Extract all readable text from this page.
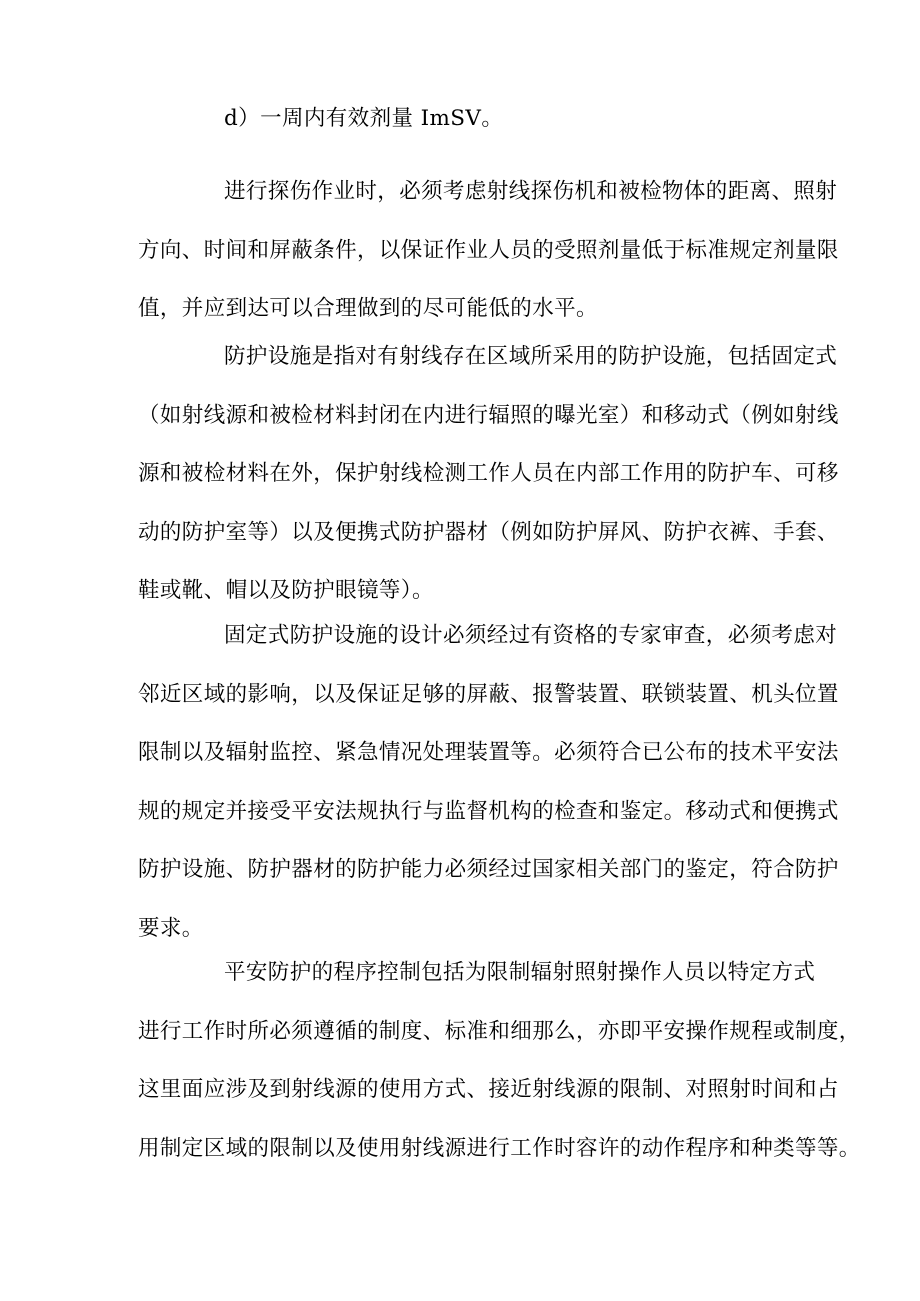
d）一周内有效剂量 ImSV。

进行探伤作业时，必须考虑射线探伤机和被检物体的距离、照射
方向、时间和屏蔽条件，以保证作业人员的受照剂量低于标准规定剂量限
值，并应到达可以合理做到的尽可能低的水平。

防护设施是指对有射线存在区域所采用的防护设施，包括固定式
（如射线源和被检材料封闭在内进行辐照的曝光室）和移动式（例如射线
源和被检材料在外，保护射线检测工作人员在内部工作用的防护车、可移
动的防护室等）以及便携式防护器材（例如防护屏风、防护衣裤、手套、
鞋或靴、帽以及防护眼镜等）。

固定式防护设施的设计必须经过有资格的专家审查，必须考虑对
邻近区域的影响，以及保证足够的屏蔽、报警装置、联锁装置、机头位置
限制以及辐射监控、紧急情况处理装置等。必须符合已公布的技术平安法
规的规定并接受平安法规执行与监督机构的检查和鉴定。移动式和便携式
防护设施、防护器材的防护能力必须经过国家相关部门的鉴定，符合防护
要求。

平安防护的程序控制包括为限制辐射照射操作人员以特定方式
进行工作时所必须遵循的制度、标准和细那么，亦即平安操作规程或制度，
这里面应涉及到射线源的使用方式、接近射线源的限制、对照射时间和占
用制定区域的限制以及使用射线源进行工作时容许的动作程序和种类等等。
